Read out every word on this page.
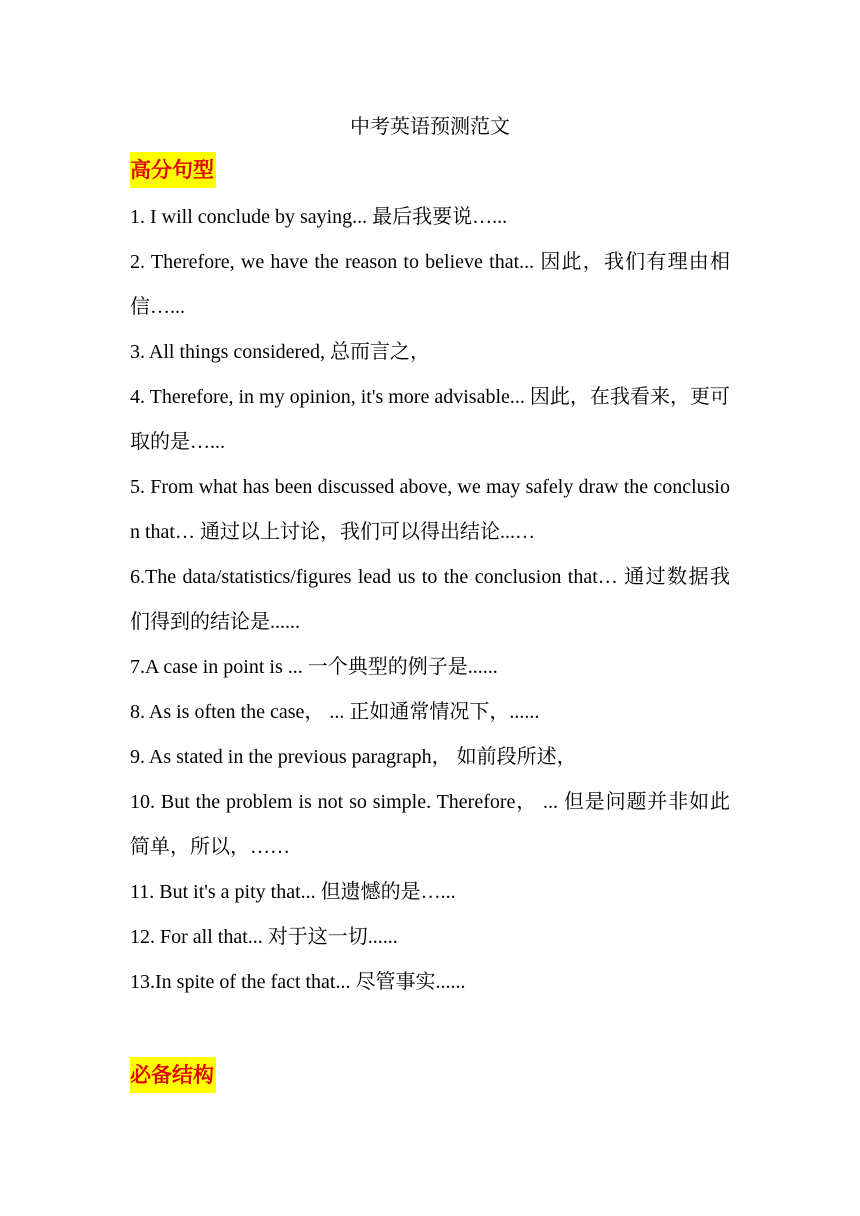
中考英语预测范文

高分句型

1. I will conclude by saying... 最后我要说…...

2. Therefore, we have the reason to believe that... 因此，我们有理由相信…...

3. All things considered, 总而言之，

4. Therefore, in my opinion, it's more advisable... 因此，在我看来，更可取的是…...

5. From what has been discussed above, we may safely draw the conclusion that… 通过以上讨论，我们可以得出结论...…

6.The data/statistics/figures lead us to the conclusion that… 通过数据我们得到的结论是......

7.A case in point is ... 一个典型的例子是......

8. As is often the case， ... 正如通常情况下，......

9. As stated in the previous paragraph， 如前段所述，

10. But the problem is not so simple. Therefore， ... 但是问题并非如此简单，所以，……

11. But it's a pity that... 但遗憾的是…...

12. For all that... 对于这一切......

13.In spite of the fact that... 尽管事实......

必备结构
